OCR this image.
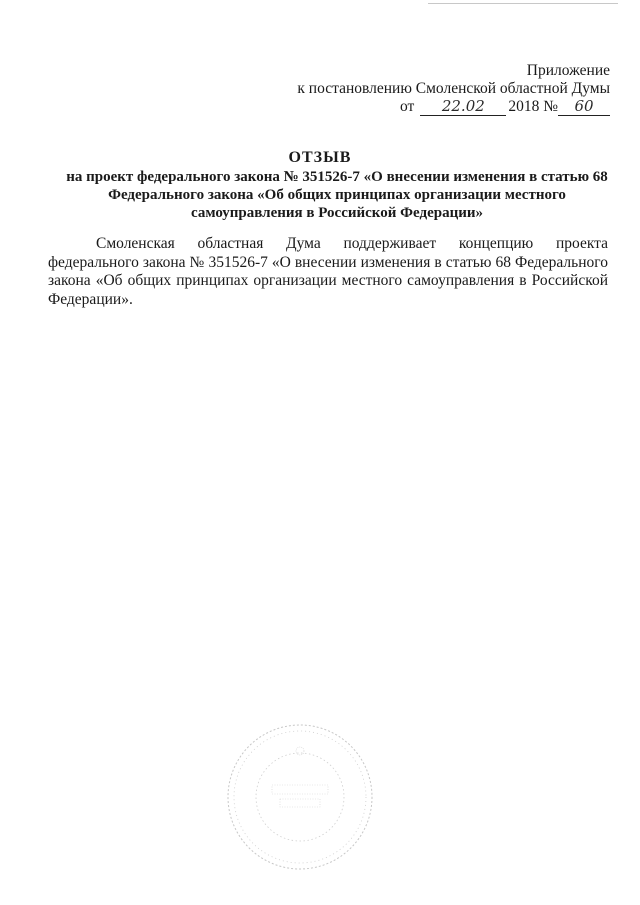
Приложение
к постановлению Смоленской областной Думы
от 22.02 2018 № 60
ОТЗЫВ
на проект федерального закона № 351526-7 «О внесении изменения в статью 68
Федерального закона «Об общих принципах организации местного
самоуправления в Российской Федерации»
Смоленская областная Дума поддерживает концепцию проекта федерального закона № 351526-7 «О внесении изменения в статью 68 Федерального закона «Об общих принципах организации местного самоуправления в Российской Федерации».
